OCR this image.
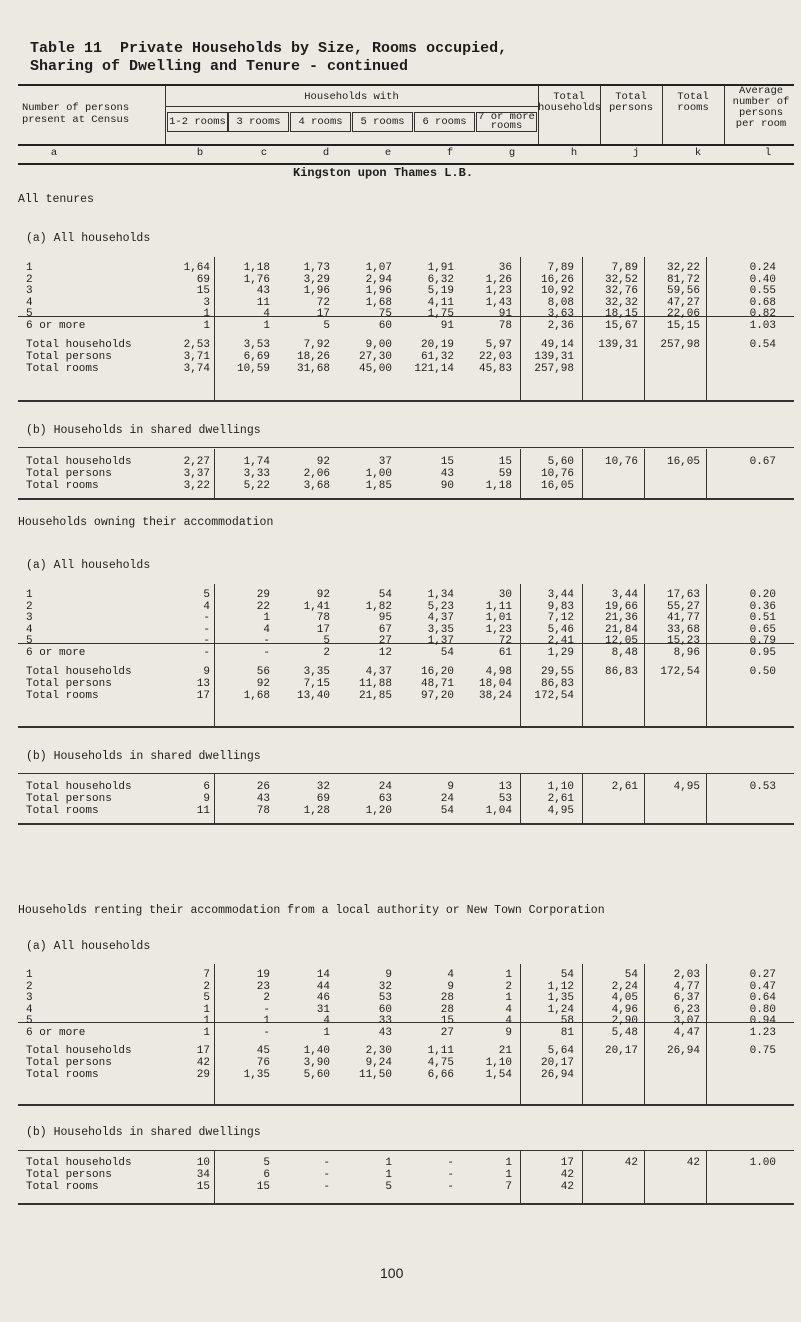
Table 11  Private Households by Size, Rooms occupied,
Sharing of Dwelling and Tenure - continued
Number of persons
present at Census
Households with
1-2 rooms	3 rooms	4 rooms	5 rooms	6 rooms	7 or more rooms
Total households
Total persons
Total rooms
Average number of persons per room
a	b	c	d	e	f	g	h	j	k	l
Kingston upon Thames L.B.
All tenures
(a) All households
1	1,64	1,18	1,73	1,07	1,91	36	7,89	7,89	32,22	0.24
2	69	1,76	3,29	2,94	6,32	1,26	16,26	32,52	81,72	0.40
3	15	43	1,96	1,96	5,19	1,23	10,92	32,76	59,56	0.55
4	3	11	72	1,68	4,11	1,43	8,08	32,32	47,27	0.68
5	1	4	17	75	1,75	91	3,63	18,15	22,06	0.82
6 or more	1	1	5	60	91	78	2,36	15,67	15,15	1.03
Total households	2,53	3,53	7,92	9,00	20,19	5,97	49,14	139,31	257,98	0.54
Total persons	3,71	6,69	18,26	27,30	61,32	22,03	139,31
Total rooms	3,74	10,59	31,68	45,00	121,14	45,83	257,98
(b) Households in shared dwellings
Total households	2,27	1,74	92	37	15	15	5,60	10,76	16,05	0.67
Total persons	3,37	3,33	2,06	1,00	43	59	10,76
Total rooms	3,22	5,22	3,68	1,85	90	1,18	16,05
Households owning their accommodation
(a) All households
1	5	29	92	54	1,34	30	3,44	3,44	17,63	0.20
2	4	22	1,41	1,82	5,23	1,11	9,83	19,66	55,27	0.36
3	-	1	78	95	4,37	1,01	7,12	21,36	41,77	0.51
4	-	4	17	67	3,35	1,23	5,46	21,84	33,68	0.65
5	-	-	5	27	1,37	72	2,41	12,05	15,23	0.79
6 or more	-	-	2	12	54	61	1,29	8,48	8,96	0.95
Total households	9	56	3,35	4,37	16,20	4,98	29,55	86,83	172,54	0.50
Total persons	13	92	7,15	11,88	48,71	18,04	86,83
Total rooms	17	1,68	13,40	21,85	97,20	38,24	172,54
(b) Households in shared dwellings
Total households	6	26	32	24	9	13	1,10	2,61	4,95	0.53
Total persons	9	43	69	63	24	53	2,61
Total rooms	11	78	1,28	1,20	54	1,04	4,95
Households renting their accommodation from a local authority or New Town Corporation
(a) All households
1	7	19	14	9	4	1	54	54	2,03	0.27
2	2	23	44	32	9	2	1,12	2,24	4,77	0.47
3	5	2	46	53	28	1	1,35	4,05	6,37	0.64
4	1	-	31	60	28	4	1,24	4,96	6,23	0.80
5	1	1	4	33	15	4	58	2,90	3,07	0.94
6 or more	1	-	1	43	27	9	81	5,48	4,47	1.23
Total households	17	45	1,40	2,30	1,11	21	5,64	20,17	26,94	0.75
Total persons	42	76	3,90	9,24	4,75	1,10	20,17
Total rooms	29	1,35	5,60	11,50	6,66	1,54	26,94
(b) Households in shared dwellings
Total households	10	5	-	1	-	1	17	42	42	1.00
Total persons	34	6	-	1	-	1	42
Total rooms	15	15	-	5	-	7	42
100
